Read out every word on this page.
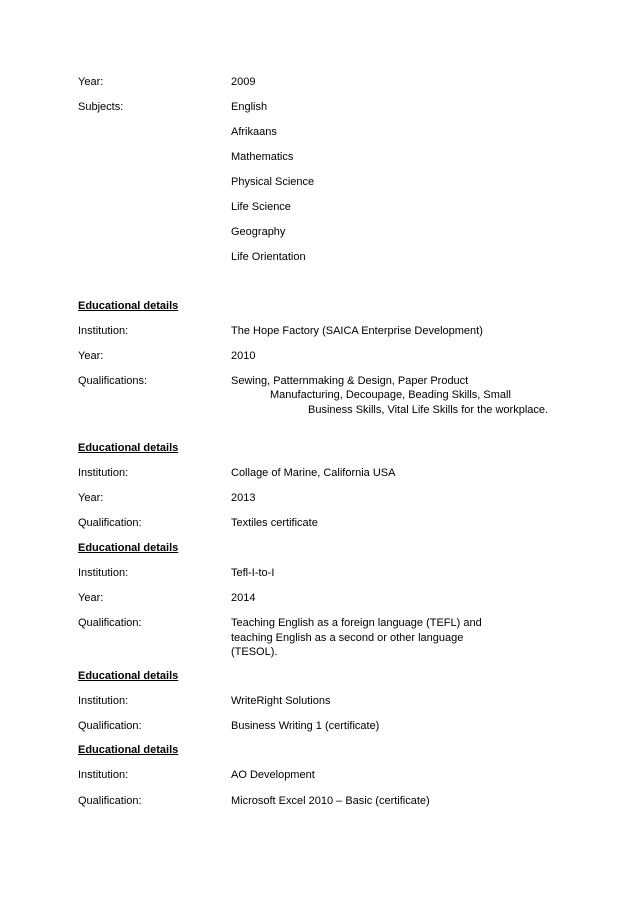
Year:	2009
Subjects:	English
Afrikaans
Mathematics
Physical Science
Life Science
Geography
Life Orientation
Educational details
Institution:	The Hope Factory (SAICA Enterprise Development)
Year:	2010
Qualifications:	Sewing, Patternmaking & Design, Paper Product
Manufacturing, Decoupage, Beading Skills, Small
Business Skills, Vital Life Skills for the workplace.
Educational details
Institution:	Collage of Marine, California USA
Year:	2013
Qualification:	Textiles certificate
Educational details
Institution:	Tefl-I-to-I
Year:	2014
Qualification:	Teaching English as a foreign language (TEFL) and
teaching English as a second or other language
(TESOL).
Educational details
Institution:	WriteRight Solutions
Qualification:	Business Writing 1 (certificate)
Educational details
Institution:	AO Development
Qualification:	Microsoft Excel 2010 – Basic (certificate)
